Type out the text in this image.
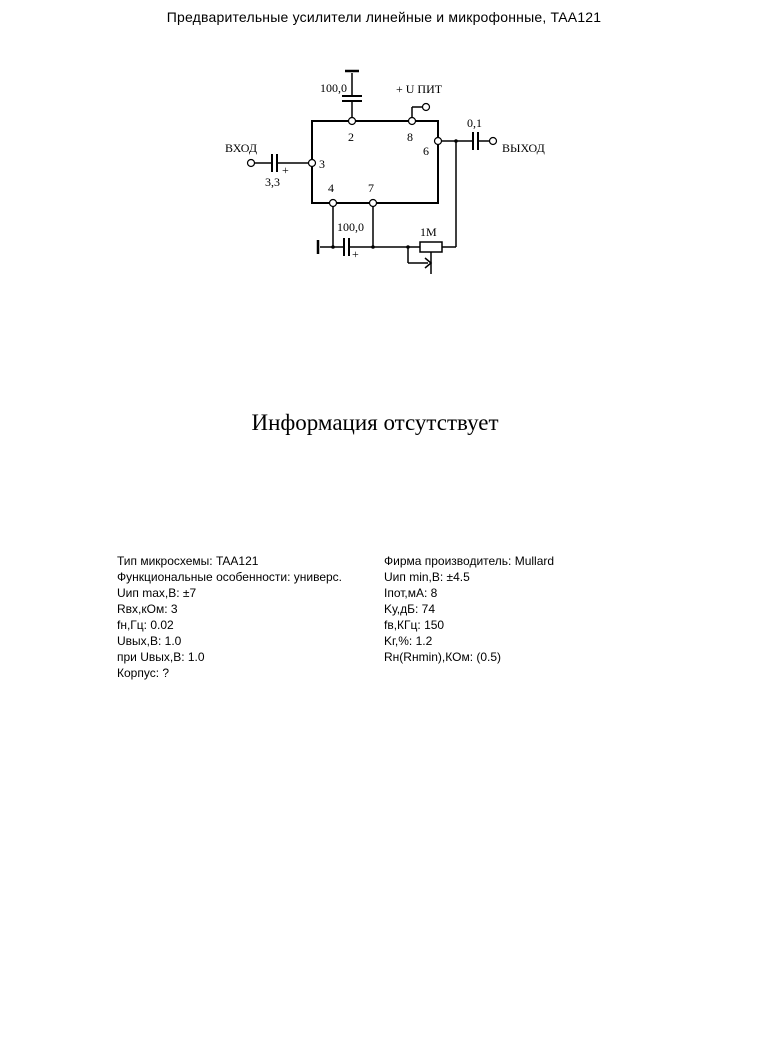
Предварительные усилители линейные и микрофонные, TAA121
100,0	+ U ПИТ
2	8
6
3
4	7
ВХОД	ВЫХОД
3,3
+
0,1
100,0
+
1М
Информация отсутствует
Тип микросхемы: TAA121	Фирма производитель: Mullard
Функциональные особенности: универс.	Uип min,В: ±4.5
Uип max,В: ±7	Iпот,мА: 8
Rвх,кОм: 3	Kу,дБ: 74
fн,Гц: 0.02	fв,КГц: 150
Uвых,В: 1.0	Kг,%: 1.2
при Uвых,В: 1.0	Rн(Rнmin),КОм: (0.5)
Корпус: ?
